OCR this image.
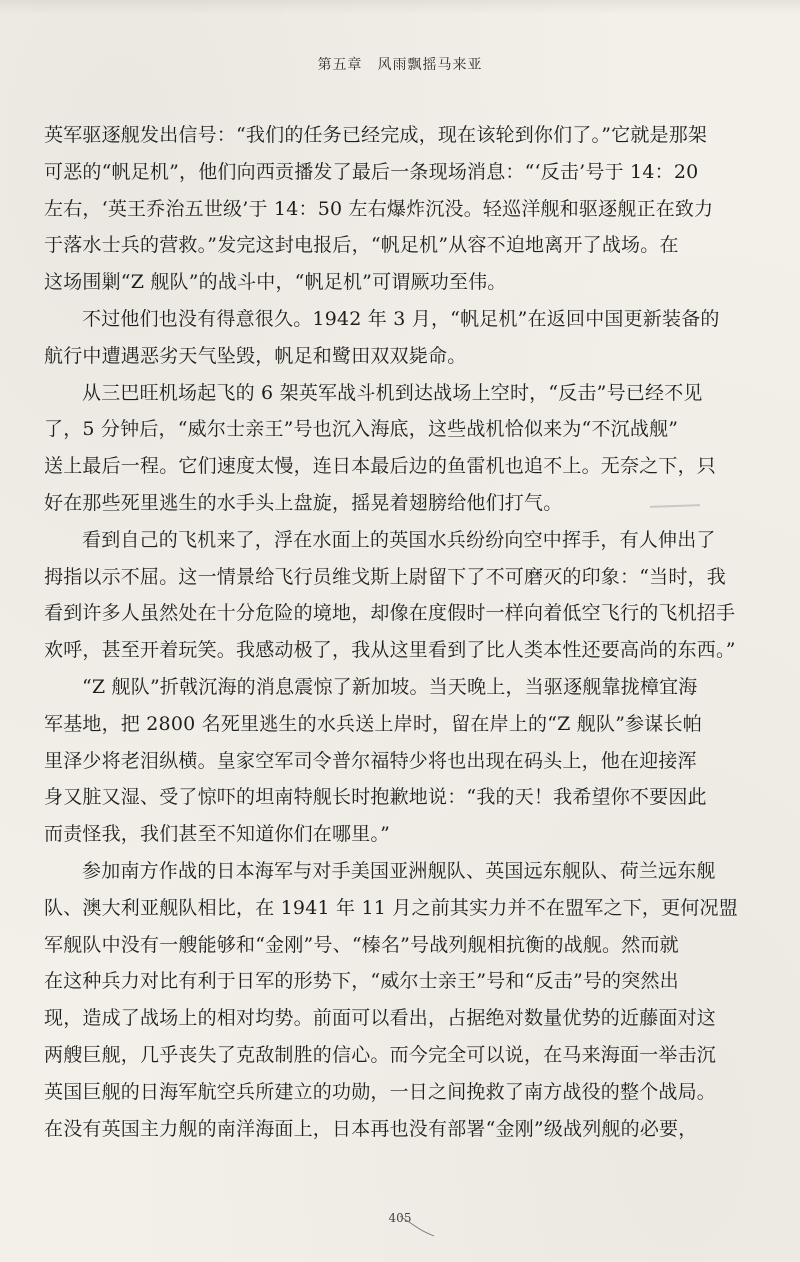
第五章　风雨飘摇马来亚
英军驱逐舰发出信号：“我们的任务已经完成，现在该轮到你们了。”它就是那架
可恶的“帆足机”，他们向西贡播发了最后一条现场消息：“‘反击’号于 14：20
左右，‘英王乔治五世级’于 14：50 左右爆炸沉没。轻巡洋舰和驱逐舰正在致力
于落水士兵的营救。”发完这封电报后，“帆足机”从容不迫地离开了战场。在
这场围剿“Z 舰队”的战斗中，“帆足机”可谓厥功至伟。
不过他们也没有得意很久。1942 年 3 月，“帆足机”在返回中国更新装备的
航行中遭遇恶劣天气坠毁，帆足和鹭田双双毙命。
从三巴旺机场起飞的 6 架英军战斗机到达战场上空时，“反击”号已经不见
了，5 分钟后，“威尔士亲王”号也沉入海底，这些战机恰似来为“不沉战舰”
送上最后一程。它们速度太慢，连日本最后边的鱼雷机也追不上。无奈之下，只
好在那些死里逃生的水手头上盘旋，摇晃着翅膀给他们打气。
看到自己的飞机来了，浮在水面上的英国水兵纷纷向空中挥手，有人伸出了
拇指以示不屈。这一情景给飞行员维戈斯上尉留下了不可磨灭的印象：“当时，我
看到许多人虽然处在十分危险的境地，却像在度假时一样向着低空飞行的飞机招手
欢呼，甚至开着玩笑。我感动极了，我从这里看到了比人类本性还要高尚的东西。”
“Z 舰队”折戟沉海的消息震惊了新加坡。当天晚上，当驱逐舰靠拢樟宜海
军基地，把 2800 名死里逃生的水兵送上岸时，留在岸上的“Z 舰队”参谋长帕
里泽少将老泪纵横。皇家空军司令普尔福特少将也出现在码头上，他在迎接浑
身又脏又湿、受了惊吓的坦南特舰长时抱歉地说：“我的天！我希望你不要因此
而责怪我，我们甚至不知道你们在哪里。”
参加南方作战的日本海军与对手美国亚洲舰队、英国远东舰队、荷兰远东舰
队、澳大利亚舰队相比，在 1941 年 11 月之前其实力并不在盟军之下，更何况盟
军舰队中没有一艘能够和“金刚”号、“榛名”号战列舰相抗衡的战舰。然而就
在这种兵力对比有利于日军的形势下，“威尔士亲王”号和“反击”号的突然出
现，造成了战场上的相对均势。前面可以看出，占据绝对数量优势的近藤面对这
两艘巨舰，几乎丧失了克敌制胜的信心。而今完全可以说，在马来海面一举击沉
英国巨舰的日海军航空兵所建立的功勋，一日之间挽救了南方战役的整个战局。
在没有英国主力舰的南洋海面上，日本再也没有部署“金刚”级战列舰的必要，
405
